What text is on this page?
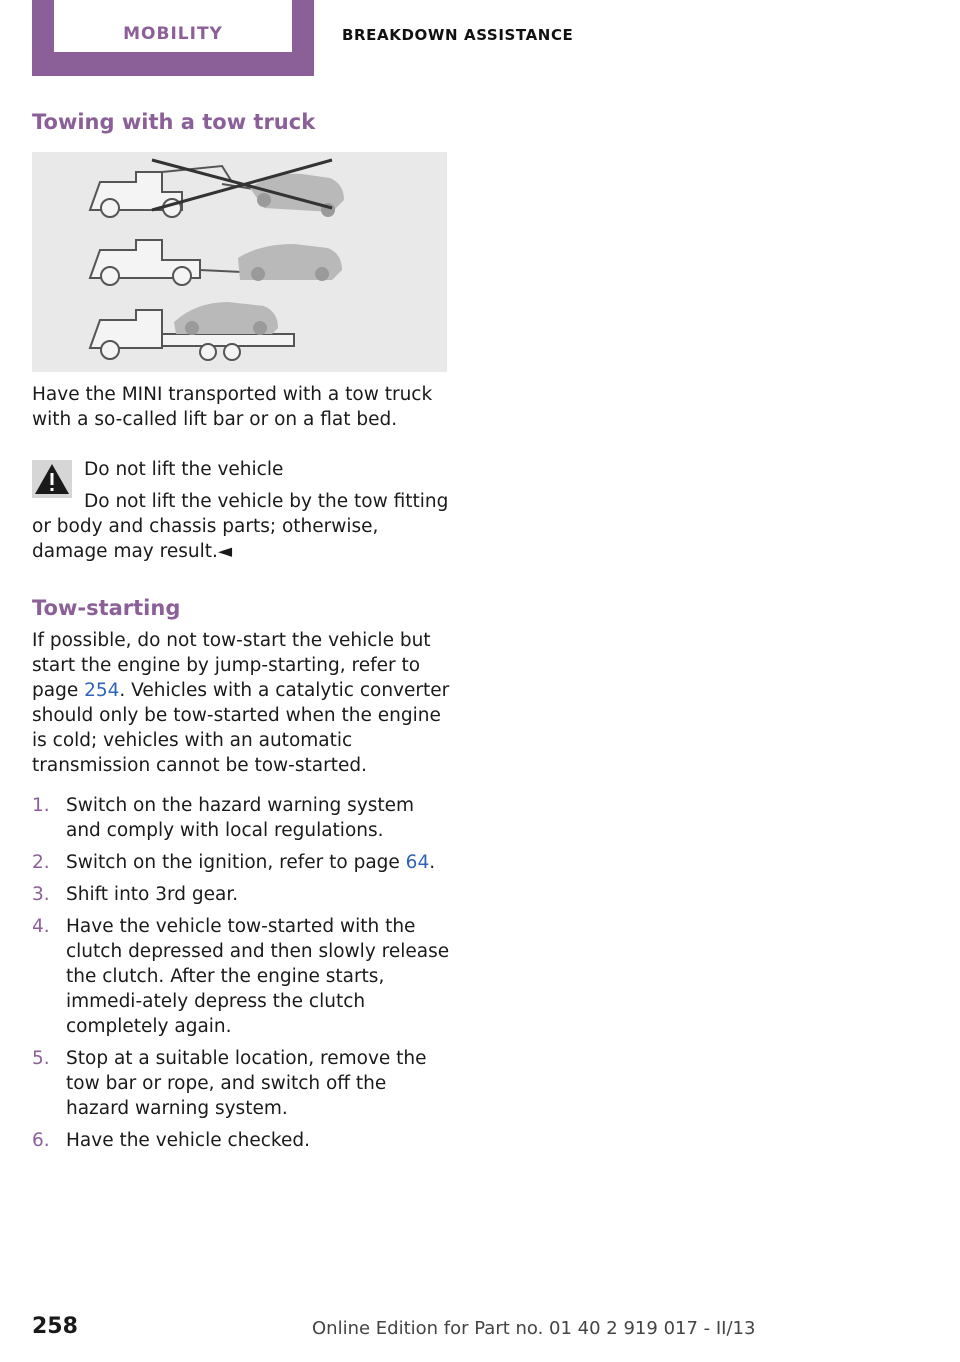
MOBILITY	BREAKDOWN ASSISTANCE
Towing with a tow truck

Have the MINI transported with a tow truck with a so-called lift bar or on a flat bed.

Do not lift the vehicle
Do not lift the vehicle by the tow fitting or body and chassis parts; otherwise, damage may result.◄
Tow-starting

If possible, do not tow-start the vehicle but start the engine by jump-starting, refer to page 254. Vehicles with a catalytic converter should only be tow-started when the engine is cold; vehicles with an automatic transmission cannot be tow-started.

1. Switch on the hazard warning system and comply with local regulations.
2. Switch on the ignition, refer to page 64.
3. Shift into 3rd gear.
4. Have the vehicle tow-started with the clutch depressed and then slowly release the clutch. After the engine starts, immedi-ately depress the clutch completely again.
5. Stop at a suitable location, remove the tow bar or rope, and switch off the hazard warning system.
6. Have the vehicle checked.
258	Online Edition for Part no. 01 40 2 919 017 - II/13
